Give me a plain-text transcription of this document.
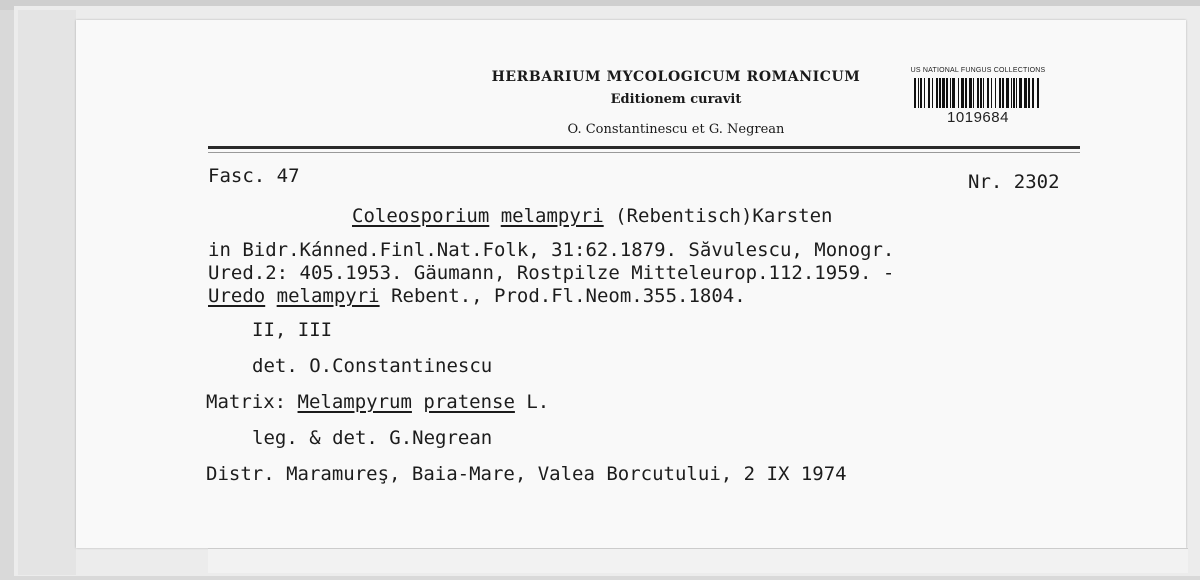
HERBARIUM MYCOLOGICUM ROMANICUM
Editionem curavit
O. Constantinescu et G. Negrean
US NATIONAL FUNGUS COLLECTIONS
1019684
Fasc. 47	Nr. 2302
Coleosporium melampyri (Rebentisch)Karsten
in Bidr.Kánned.Finl.Nat.Folk, 31:62.1879. Săvulescu, Monogr.
Ured.2: 405.1953. Gäumann, Rostpilze Mitteleurop.112.1959. -
Uredo melampyri Rebent., Prod.Fl.Neom.355.1804.
II, III
det. O.Constantinescu
Matrix: Melampyrum pratense L.
leg. & det. G.Negrean
Distr. Maramureş, Baia-Mare, Valea Borcutului, 2 IX 1974
